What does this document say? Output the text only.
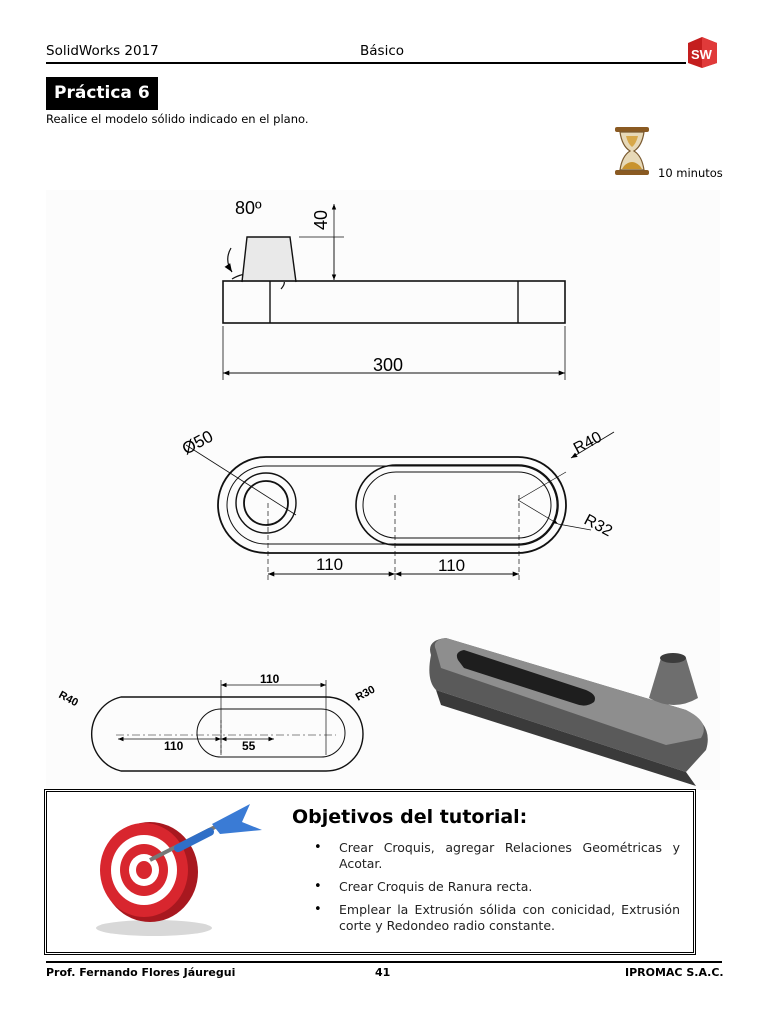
SolidWorks 2017	Básico	SW
Práctica 6
Realice el modelo sólido indicado en el plano.
10 minutos
80º
40
300
Ø50	R40
R32
110	110
110
R40	R30
110	55
Objetivos del tutorial:
• Crear Croquis, agregar Relaciones Geométricas y Acotar.
• Crear Croquis de Ranura recta.
• Emplear la Extrusión sólida con conicidad, Extrusión corte y Redondeo radio constante.
Prof. Fernando Flores Jáuregui	41	IPROMAC S.A.C.
